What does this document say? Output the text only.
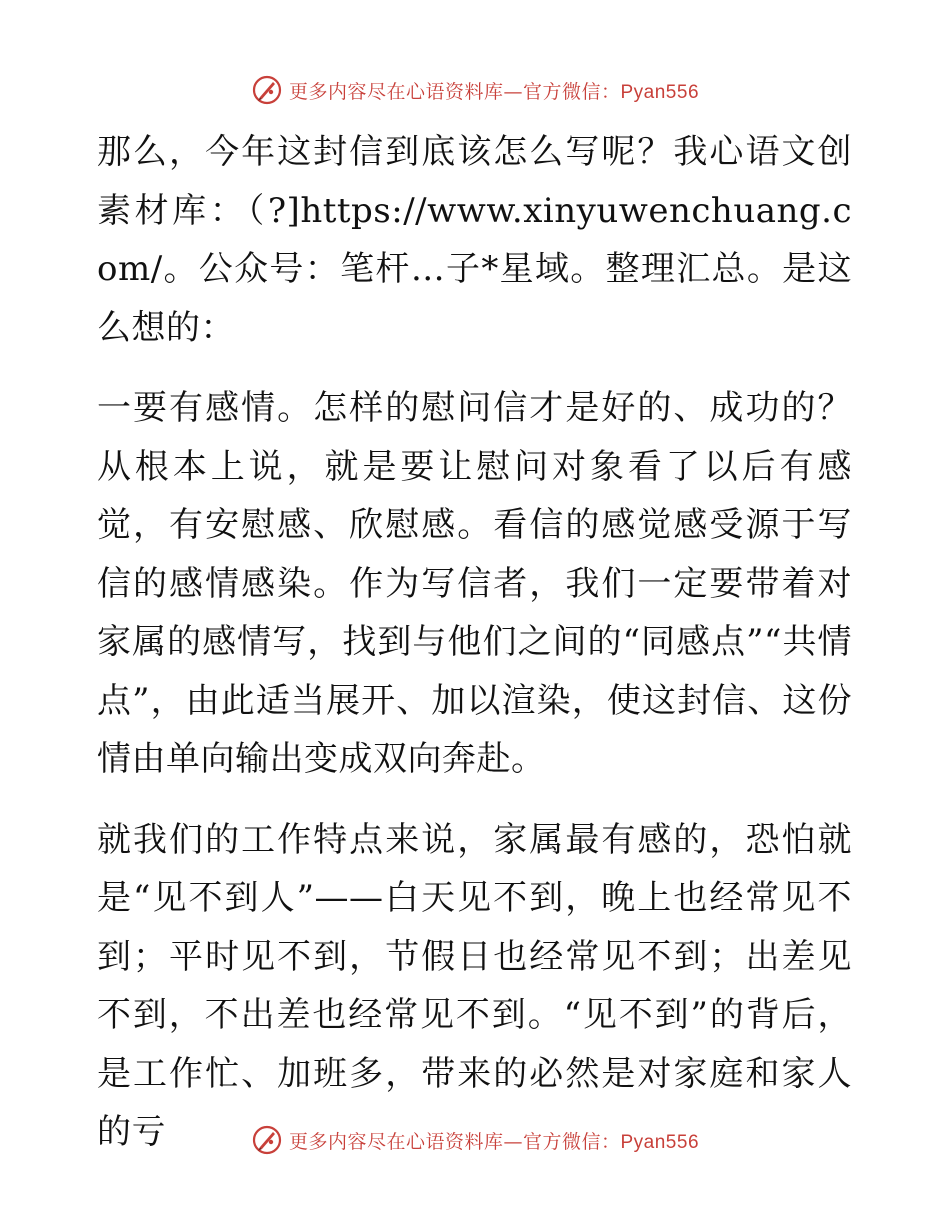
更多内容尽在心语资料库—官方微信：Pyan556

那么，今年这封信到底该怎么写呢？我心语文创素材库：（?]https://www.xinyuwenchuang.com/。公众号：笔杆…子*星域。整理汇总。是这么想的：

一要有感情。怎样的慰问信才是好的、成功的？从根本上说，就是要让慰问对象看了以后有感觉，有安慰感、欣慰感。看信的感觉感受源于写信的感情感染。作为写信者，我们一定要带着对家属的感情写，找到与他们之间的“同感点”“共情点”，由此适当展开、加以渲染，使这封信、这份情由单向输出变成双向奔赴。

就我们的工作特点来说，家属最有感的，恐怕就是“见不到人”——白天见不到，晚上也经常见不到；平时见不到，节假日也经常见不到；出差见不到，不出差也经常见不到。“见不到”的背后，是工作忙、加班多，带来的必然是对家庭和家人的亏	更多内容尽在心语资料库—官方微信：Pyan556
